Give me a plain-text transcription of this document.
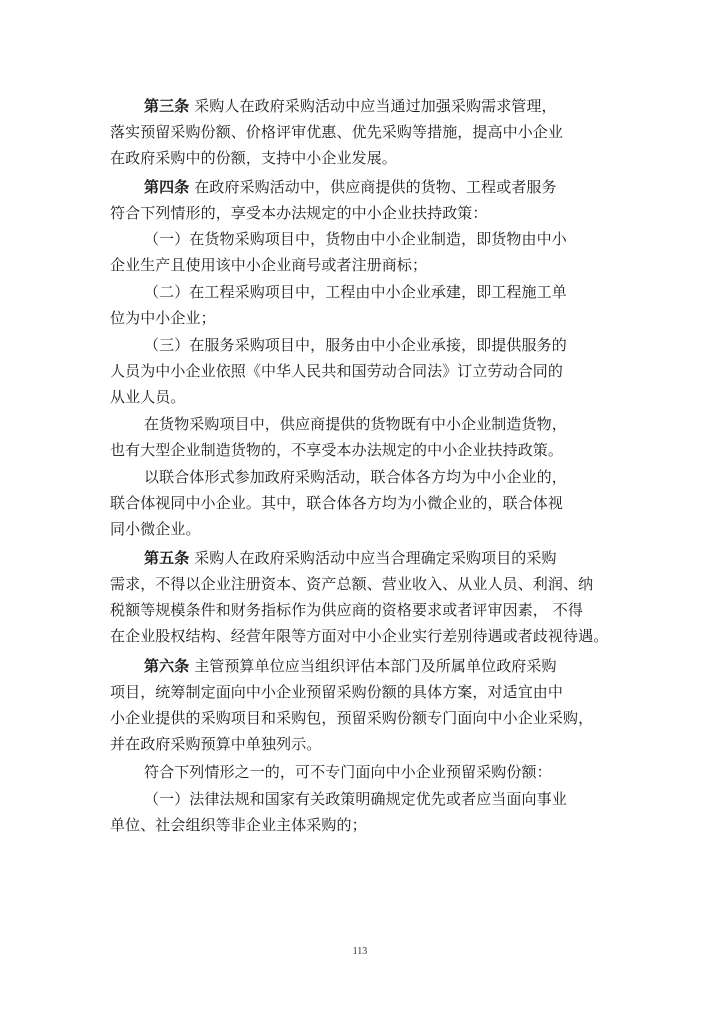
第三条 采购人在政府采购活动中应当通过加强采购需求管理，
落实预留采购份额、价格评审优惠、优先采购等措施，提高中小企业
在政府采购中的份额，支持中小企业发展。
第四条 在政府采购活动中，供应商提供的货物、工程或者服务
符合下列情形的，享受本办法规定的中小企业扶持政策：
（一）在货物采购项目中，货物由中小企业制造，即货物由中小
企业生产且使用该中小企业商号或者注册商标；
（二）在工程采购项目中，工程由中小企业承建，即工程施工单
位为中小企业；
（三）在服务采购项目中，服务由中小企业承接，即提供服务的
人员为中小企业依照《中华人民共和国劳动合同法》订立劳动合同的
从业人员。
在货物采购项目中，供应商提供的货物既有中小企业制造货物，
也有大型企业制造货物的，不享受本办法规定的中小企业扶持政策。
以联合体形式参加政府采购活动，联合体各方均为中小企业的，
联合体视同中小企业。其中，联合体各方均为小微企业的，联合体视
同小微企业。
第五条 采购人在政府采购活动中应当合理确定采购项目的采购
需求，不得以企业注册资本、资产总额、营业收入、从业人员、利润、纳
税额等规模条件和财务指标作为供应商的资格要求或者评审因素， 不得
在企业股权结构、经营年限等方面对中小企业实行差别待遇或者歧视待遇。
第六条 主管预算单位应当组织评估本部门及所属单位政府采购
项目，统筹制定面向中小企业预留采购份额的具体方案，对适宜由中
小企业提供的采购项目和采购包，预留采购份额专门面向中小企业采购，
并在政府采购预算中单独列示。
符合下列情形之一的，可不专门面向中小企业预留采购份额：
（一）法律法规和国家有关政策明确规定优先或者应当面向事业
单位、社会组织等非企业主体采购的；
113
